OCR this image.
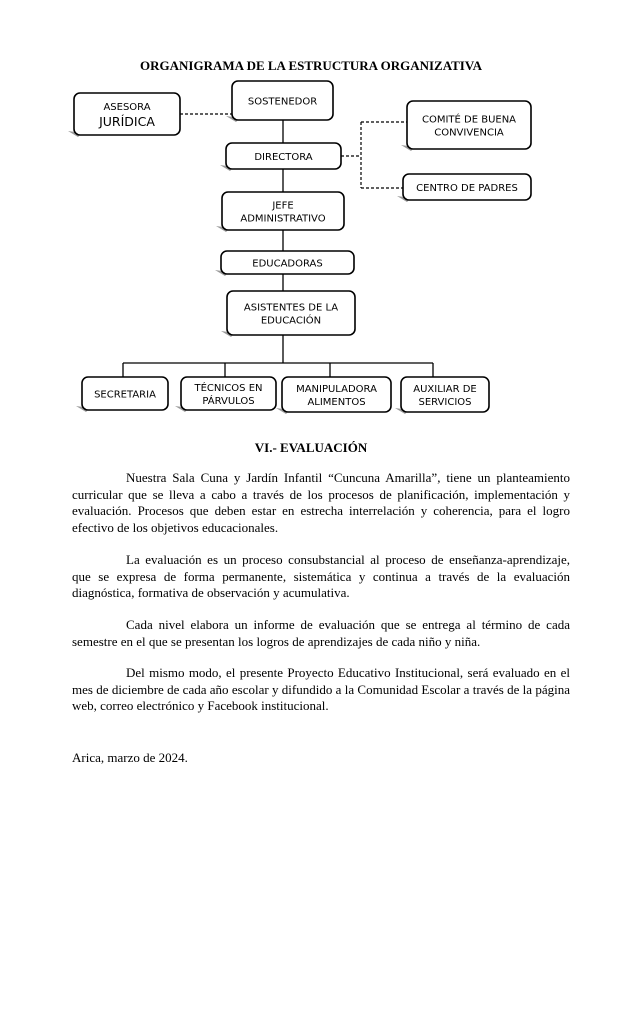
ORGANIGRAMA DE LA ESTRUCTURA ORGANIZATIVA
ASESORA
JURÍDICA
SOSTENEDOR
COMITÉ DE BUENA
CONVIVENCIA
DIRECTORA
CENTRO DE PADRES
JEFE
ADMINISTRATIVO
EDUCADORAS
ASISTENTES DE LA
EDUCACIÓN
SECRETARIA
TÉCNICOS EN
PÁRVULOS
MANIPULADORA
ALIMENTOS
AUXILIAR DE
SERVICIOS
VI.- EVALUACIÓN

Nuestra Sala Cuna y Jardín Infantil “Cuncuna Amarilla”, tiene un planteamiento curricular que se lleva a cabo a través de los procesos de planificación, implementación y evaluación. Procesos que deben estar en estrecha interrelación y coherencia, para el logro efectivo de los objetivos educacionales.

La evaluación es un proceso consubstancial al proceso de enseñanza-aprendizaje, que se expresa de forma permanente, sistemática y continua a través de la evaluación diagnóstica, formativa de observación y acumulativa.

Cada nivel elabora un informe de evaluación que se entrega al término de cada semestre en el que se presentan los logros de aprendizajes de cada niño y niña.

Del mismo modo, el presente Proyecto Educativo Institucional, será evaluado en el mes de diciembre de cada año escolar y difundido a la Comunidad Escolar a través de la página web, correo electrónico y Facebook institucional.

Arica, marzo de 2024.
